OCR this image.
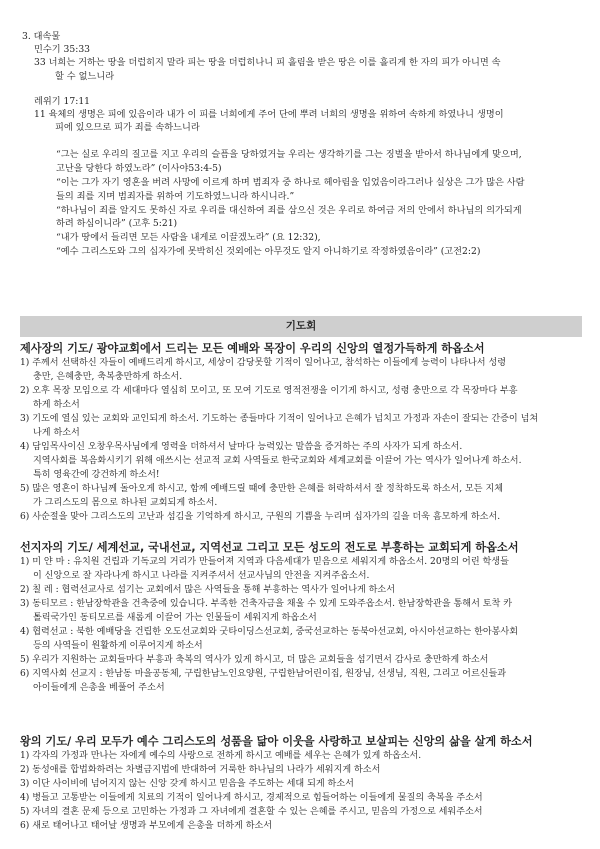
3. 대속물
민수기 35:33
33 너희는 거하는 땅을 더럽히지 말라 피는 땅을 더럽히나니 피 흘림을 받은 땅은 이를 흘리게 한 자의 피가 아니면 속
할 수 없느니라
레위기 17:11
11 육체의 생명은 피에 있음이라 내가 이 피를 너희에게 주어 단에 뿌려 너희의 생명을 위하여 속하게 하였나니 생명이
피에 있으므로 피가 죄를 속하느니라
“그는 실로 우리의 질고를 지고 우리의 슬픔을 당하였거늘 우리는 생각하기를 그는 징벌을 받아서 하나님에게 맞으며,
고난을 당한다 하였노라” (이사야53:4-5)
“이는 그가 자기 영혼을 버려 사망에 이르게 하며 범죄자 중 하나로 헤아림을 입었음이라그러나 실상은 그가 많은 사람
들의 죄를 지며 범죄자를 위하여 기도하였느니라 하시니라.”
“하나님이 죄를 알지도 못하신 자로 우리를 대신하여 죄를 삼으신 것은 우리로 하여금 저의 안에서 하나님의 의가되게
하려 하심이니라” (고후 5:21)
“내가 땅에서 들리면 모든 사람을 내게로 이끌겠노라” (요 12:32),
“예수 그리스도와 그의 십자가에 못박히신 것외에는 아무것도 알지 아니하기로 작정하였음이라” (고전2:2)
기도회
제사장의 기도/ 광야교회에서 드리는 모든 예배와 목장이 우리의 신앙의 열정가득하게 하옵소서
1) 주께서 선택하신 자들이 예배드리게 하시고, 세상이 감당못할 기적이 일어나고, 참석하는 이들에게 능력이 나타나서 성령
충만, 은혜충만, 축복충만하게 하소서.
2) 오후 목장 모임으로 각 세대마다 열심히 모이고, 또 모여 기도로 영적전쟁을 이기게 하시고, 성령 충만으로 각 목장마다 부흥
하게 하소서
3) 기도에 열심 있는 교회와 교인되게 하소서. 기도하는 종들마다 기적이 일어나고 은혜가 넘치고 가정과 자손이 잘되는 간증이 넘쳐
나게 하소서
4) 담임목사이신 오창우목사님에게 영력을 더하셔서 날마다 능력있는 말씀을 증거하는 주의 사자가 되게 하소서.
지역사회를 복음화시키기 위해 애쓰시는 선교적 교회 사역들로 한국교회와 세계교회를 이끌어 가는 역사가 일어나게 하소서.
특히 영육간에 강건하게 하소서!
5) 많은 영혼이 하나님께 돌아오게 하시고, 함께 예배드릴 때에 충만한 은혜를 허락하셔서 잘 정착하도록 하소서, 모든 지체
가 그리스도의 몸으로 하나된 교회되게 하소서.
6) 사순절을 맞아 그리스도의 고난과 섬김을 기억하게 하시고, 구원의 기쁨을 누리며 십자가의 길을 더욱 흠모하게 하소서.
선지자의 기도/ 세계선교, 국내선교, 지역선교 그리고 모든 성도의 전도로 부흥하는 교회되게 하옵소서
1) 미 얀 마 : 유치원 건립과 기독교의 거리가 만들어져 지역과 다음세대가 믿음으로 세워지게 하옵소서. 20명의 어린 학생들
이 신앙으로 잘 자라나게 하시고 나라를 지켜주셔서 선교사님의 안전을 지켜주옵소서.
2) 칠 레 : 협력선교사로 섬기는 교회에서 많은 사역들을 통해 부흥하는 역사가 일어나게 하소서
3) 동티모르 : 한남장학관을 건축중에 있습니다. 부족한 건축자금을 채울 수 있게 도와주옵소서. 한남장학관을 통해서 토착 카
톨릭국가인 동티모르를 새롭게 이끌어 가는 인물들이 세워지게 하옵소서
4) 협력선교 : 북한 예배당을 건립한 오도선교회와 굿타이딩스선교회, 중국선교하는 동북아선교회, 아시아선교하는 한아봉사회
등의 사역들이 원활하게 이루어지게 하소서
5) 우리가 지원하는 교회들마다 부흥과 축복의 역사가 있게 하시고, 더 많은 교회들을 섬기면서 감사로 충만하게 하소서
6) 지역사회 선교지 : 한남동 마을공동체, 구립한남노인요양원, 구립한남어린이집, 원장님, 선생님, 직원, 그리고 어르신들과
아이들에게 은총을 베풀어 주소서
왕의 기도/ 우리 모두가 예수 그리스도의 성품을 닮아 이웃을 사랑하고 보살피는 신앙의 삶을 살게 하소서
1) 각자의 가정과 만나는 자에게 예수의 사랑으로 전하게 하시고 예배를 세우는 은혜가 있게 하옵소서.
2) 동성애를 합법화하려는 차별금지법에 반대하여 거룩한 하나님의 나라가 세워지게 하소서
3) 이단 사이비에 넘어지지 않는 신앙 갖게 하시고 믿음을 주도하는 세대 되게 하소서
4) 병들고 고통받는 이들에게 치료의 기적이 일어나게 하시고, 경제적으로 힘들어하는 이들에게 물질의 축복을 주소서
5) 자녀의 결혼 문제 등으로 고민하는 가정과 그 자녀에게 결혼할 수 있는 은혜를 주시고, 믿음의 가정으로 세워주소서
6) 새로 태어나고 태어날 생명과 부모에게 은총을 더하게 하소서
